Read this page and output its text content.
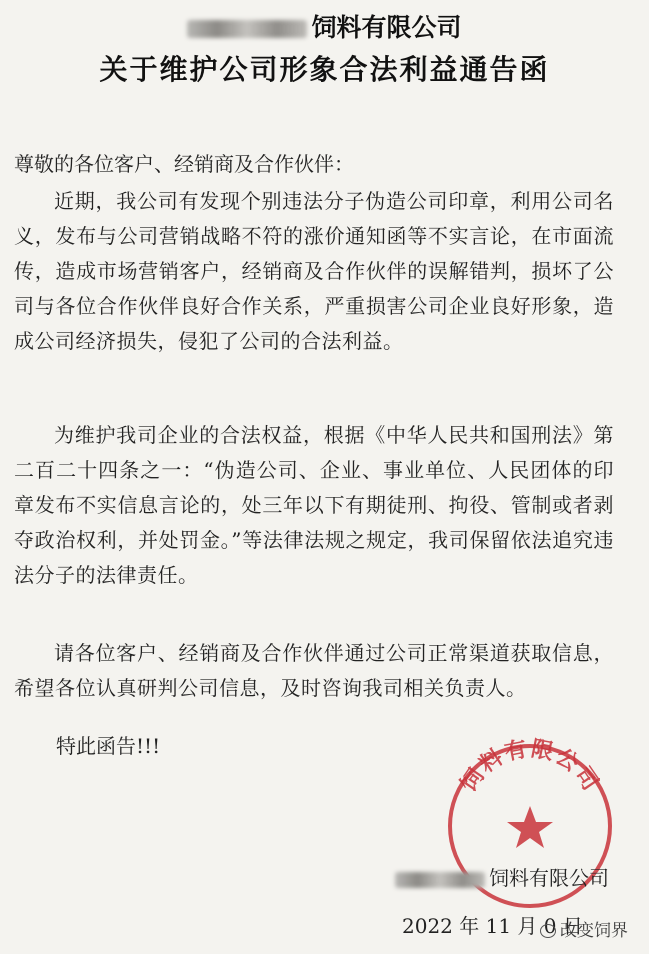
饲料有限公司
关于维护公司形象合法利益通告函
尊敬的各位客户、经销商及合作伙伴：
近期，我公司有发现个别违法分子伪造公司印章，利用公司名义，发布与公司营销战略不符的涨价通知函等不实言论，在市面流传，造成市场营销客户，经销商及合作伙伴的误解错判，损坏了公司与各位合作伙伴良好合作关系，严重损害公司企业良好形象，造成公司经济损失，侵犯了公司的合法利益。
为维护我司企业的合法权益，根据《中华人民共和国刑法》第二百二十四条之一：“伪造公司、企业、事业单位、人民团体的印章发布不实信息言论的，处三年以下有期徒刑、拘役、管制或者剥夺政治权利，并处罚金。”等法律法规之规定，我司保留依法追究违法分子的法律责任。
请各位客户、经销商及合作伙伴通过公司正常渠道获取信息，希望各位认真研判公司信息，及时咨询我司相关负责人。
特此函告!!!
饲料有限公司
饲料有限公司
2022 年 11 月 0 日
改变饲界
